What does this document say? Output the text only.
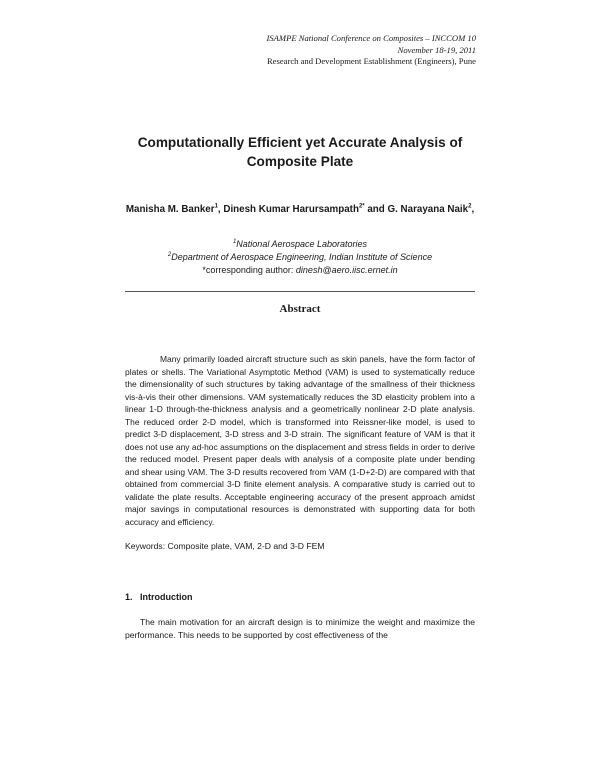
ISAMPE National Conference on Composites – INCCOM 10
November 18-19, 2011
Research and Development Establishment (Engineers), Pune
Computationally Efficient yet Accurate Analysis of
Composite Plate
Manisha M. Banker$^1$, Dinesh Kumar Harursampath$^{2*}$ and G. Narayana Naik$^2$,
$^1$National Aerospace Laboratories
$^2$Department of Aerospace Engineering, Indian Institute of Science
*corresponding author: dinesh@aero.iisc.ernet.in
Abstract

Many primarily loaded aircraft structure such as skin panels, have the form factor of plates or shells. The Variational Asymptotic Method (VAM) is used to systematically reduce the dimensionality of such structures by taking advantage of the smallness of their thickness vis-à-vis their other dimensions. VAM systematically reduces the 3D elasticity problem into a linear 1-D through-the-thickness analysis and a geometrically nonlinear 2-D plate analysis. The reduced order 2-D model, which is transformed into Reissner-like model, is used to predict 3-D displacement, 3-D stress and 3-D strain. The significant feature of VAM is that it does not use any ad-hoc assumptions on the displacement and stress fields in order to derive the reduced model. Present paper deals with analysis of a composite plate under bending and shear using VAM. The 3-D results recovered from VAM (1-D+2-D) are compared with that obtained from commercial 3-D finite element analysis. A comparative study is carried out to validate the plate results. Acceptable engineering accuracy of the present approach amidst major savings in computational resources is demonstrated with supporting data for both accuracy and efficiency.

Keywords: Composite plate, VAM, 2-D and 3-D FEM
1.   Introduction

The main motivation for an aircraft design is to minimize the weight and maximize the performance. This needs to be supported by cost effectiveness of the
